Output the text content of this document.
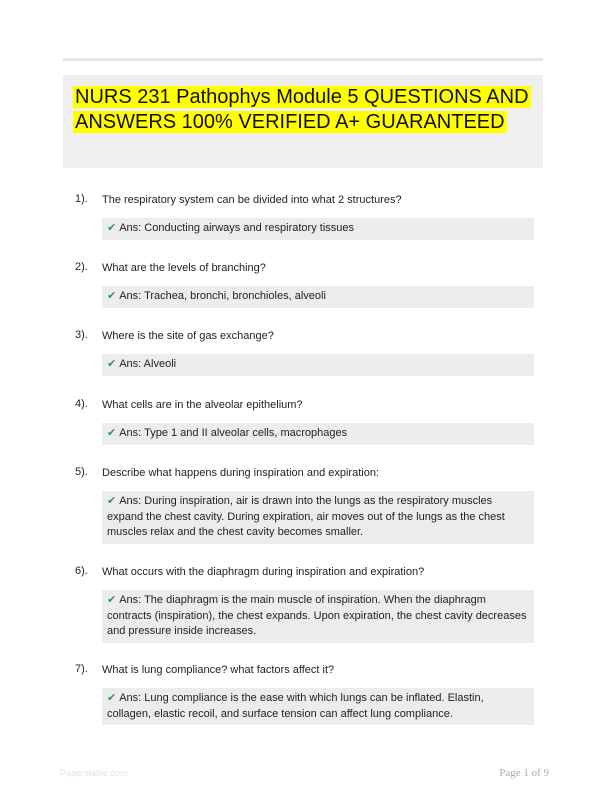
NURS 231 Pathophys Module 5 QUESTIONS AND ANSWERS 100% VERIFIED A+ GUARANTEED
1). The respiratory system can be divided into what 2 structures?
✔ Ans: Conducting airways and respiratory tissues
2). What are the levels of branching?
✔ Ans: Trachea, bronchi, bronchioles, alveoli
3). Where is the site of gas exchange?
✔ Ans: Alveoli
4). What cells are in the alveolar epithelium?
✔ Ans: Type 1 and II alveolar cells, macrophages
5). Describe what happens during inspiration and expiration:
✔ Ans: During inspiration, air is drawn into the lungs as the respiratory muscles expand the chest cavity. During expiration, air moves out of the lungs as the chest muscles relax and the chest cavity becomes smaller.
6). What occurs with the diaphragm during inspiration and expiration?
✔ Ans: The diaphragm is the main muscle of inspiration. When the diaphragm contracts (inspiration), the chest expands. Upon expiration, the chest cavity decreases and pressure inside increases.
7). What is lung compliance? what factors affect it?
✔ Ans: Lung compliance is the ease with which lungs can be inflated. Elastin, collagen, elastic recoil, and surface tension can affect lung compliance.
Paperstable.com	Page 1 of 9
